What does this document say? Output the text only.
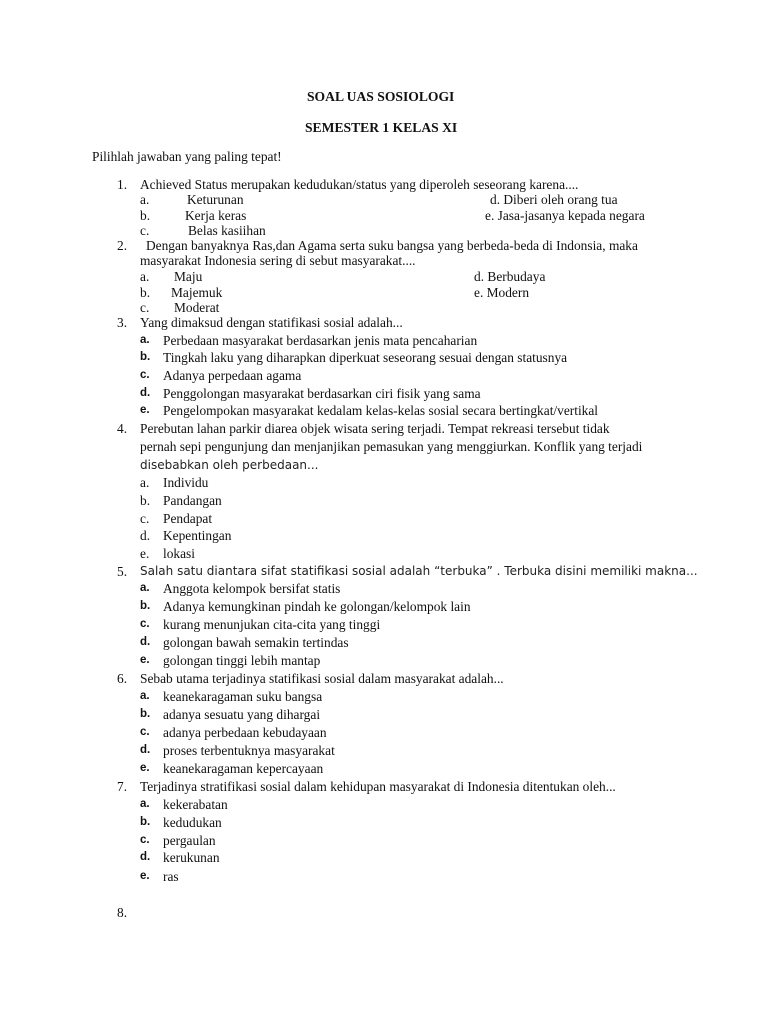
SOAL UAS SOSIOLOGI

SEMESTER 1 KELAS XI

Pilihlah jawaban yang paling tepat!

1. Achieved Status merupakan kedudukan/status yang diperoleh seseorang karena....

a.	Keturunan	d. Diberi oleh orang tua

b.	Kerja keras	e. Jasa-jasanya kepada negara

c.	Belas kasiihan

2. Dengan banyaknya Ras,dan Agama serta suku bangsa yang berbeda-beda di Indonsia, maka

masyarakat Indonesia sering di sebut masyarakat....

a. Maju	d. Berbudaya

b. Majemuk	e. Modern

c. Moderat

3. Yang dimaksud dengan statifikasi sosial adalah...

a. Perbedaan masyarakat berdasarkan jenis mata pencaharian

b. Tingkah laku yang diharapkan diperkuat seseorang sesuai dengan statusnya

c. Adanya perpedaan agama

d. Penggolongan masyarakat berdasarkan ciri fisik yang sama

e. Pengelompokan masyarakat kedalam kelas-kelas sosial secara bertingkat/vertikal

4. Perebutan lahan parkir diarea objek wisata sering terjadi. Tempat rekreasi tersebut tidak

pernah sepi pengunjung dan menjanjikan pemasukan yang menggiurkan. Konflik yang terjadi

disebabkan oleh perbedaan...

a. Individu

b. Pandangan

c. Pendapat

d. Kepentingan

e. lokasi

5. Salah satu diantara sifat statifikasi sosial adalah “terbuka” . Terbuka disini memiliki makna...

a. Anggota kelompok bersifat statis

b. Adanya kemungkinan pindah ke golongan/kelompok lain

c. kurang menunjukan cita-cita yang tinggi

d. golongan bawah semakin tertindas

e. golongan tinggi lebih mantap

6. Sebab utama terjadinya statifikasi sosial dalam masyarakat adalah...

a. keanekaragaman suku bangsa

b. adanya sesuatu yang dihargai

c. adanya perbedaan kebudayaan

d. proses terbentuknya masyarakat

e. keanekaragaman kepercayaan

7. Terjadinya stratifikasi sosial dalam kehidupan masyarakat di Indonesia ditentukan oleh...

a. kekerabatan

b. kedudukan

c. pergaulan

d. kerukunan

e. ras

8.
